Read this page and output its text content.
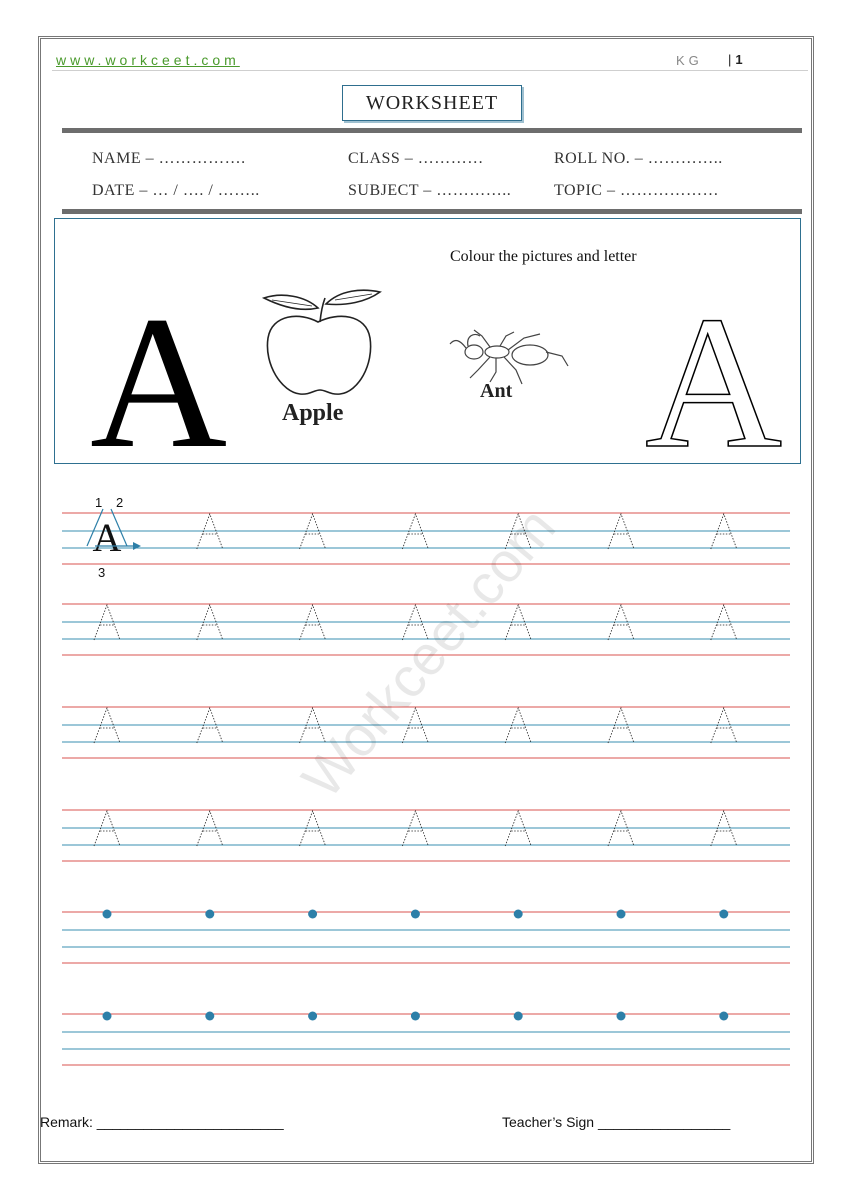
www.workceet.com	KG | 1
WORKSHEET
NAME – …………….	CLASS – …………	ROLL NO. – …………..
DATE – … / …. / ……..	SUBJECT – …………..	TOPIC – ………………
Colour the pictures and letter
A A
Apple
Ant
A
1 2
3	Workceet.com
Remark: ________________________	Teacher’s Sign _________________
